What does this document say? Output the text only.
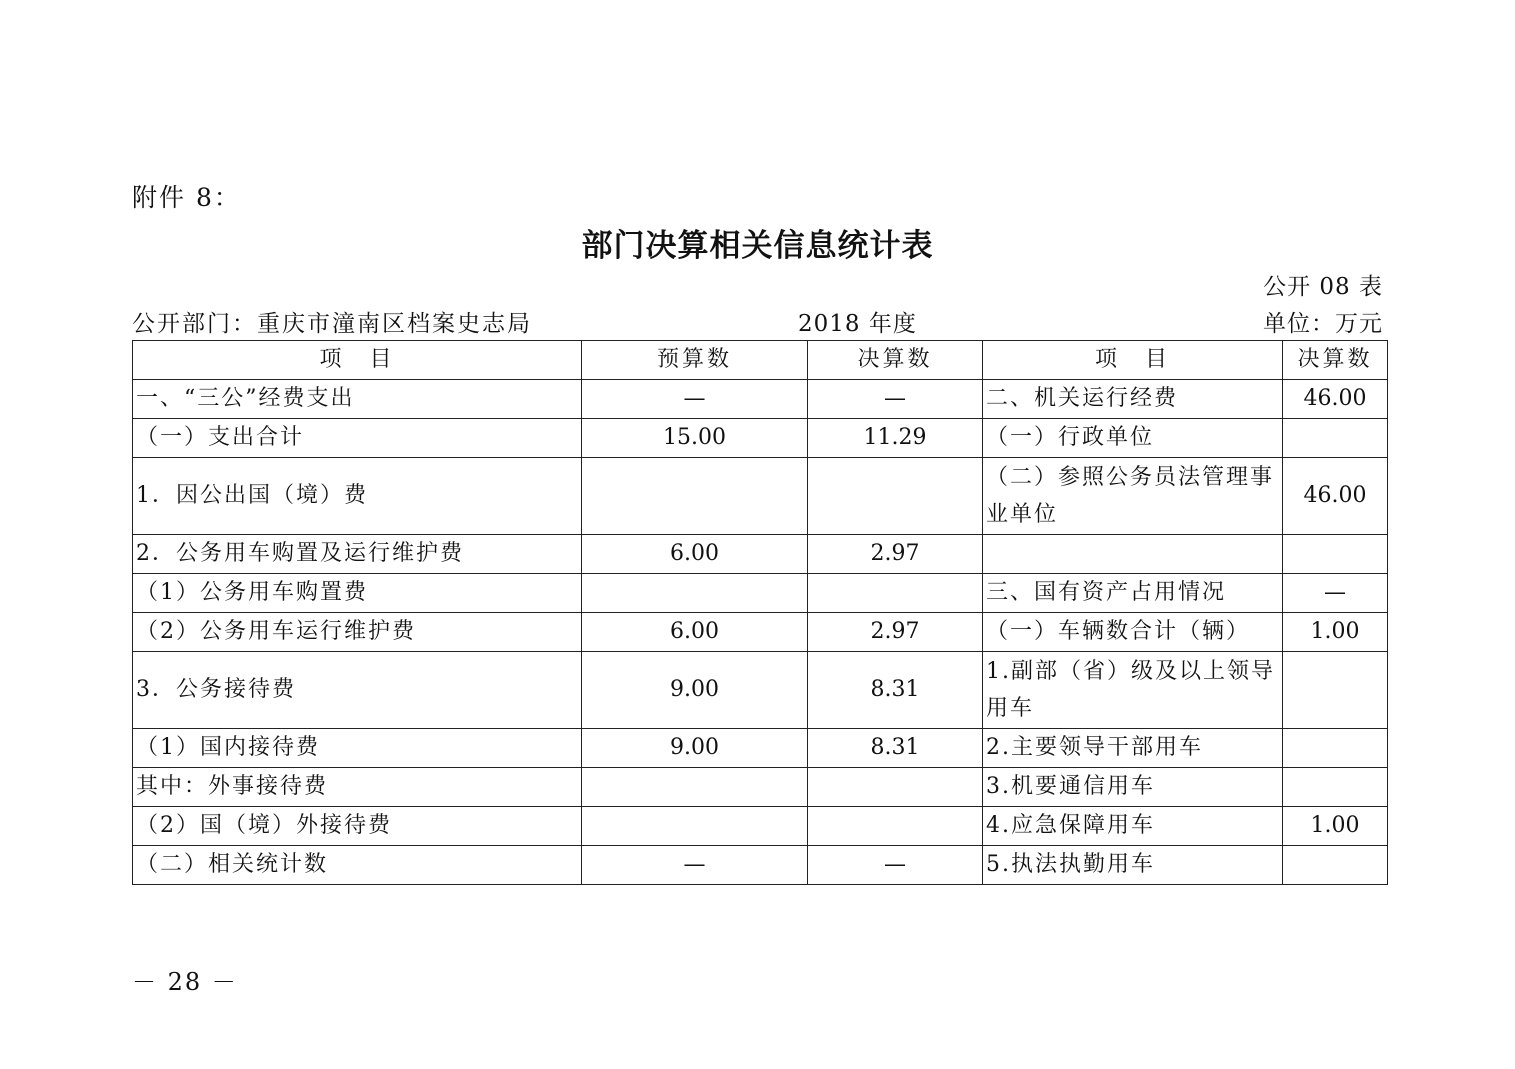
附件 8：
部门决算相关信息统计表
公开 08 表
公开部门：重庆市潼南区档案史志局	2018 年度	单位：万元
项　目	预算数	决算数	项　目	决算数
一、“三公”经费支出	—	—	二、机关运行经费	46.00
（一）支出合计	15.00	11.29	（一）行政单位	
1．因公出国（境）费			（二）参照公务员法管理事业单位	46.00
2．公务用车购置及运行维护费	6.00	2.97		
（1）公务用车购置费			三、国有资产占用情况	—
（2）公务用车运行维护费	6.00	2.97	（一）车辆数合计（辆）	1.00
3．公务接待费	9.00	8.31	1.副部（省）级及以上领导用车	
（1）国内接待费	9.00	8.31	2.主要领导干部用车	
其中：外事接待费			3.机要通信用车	
（2）国（境）外接待费			4.应急保障用车	1.00
（二）相关统计数	—	—	5.执法执勤用车	
－ 28 －
